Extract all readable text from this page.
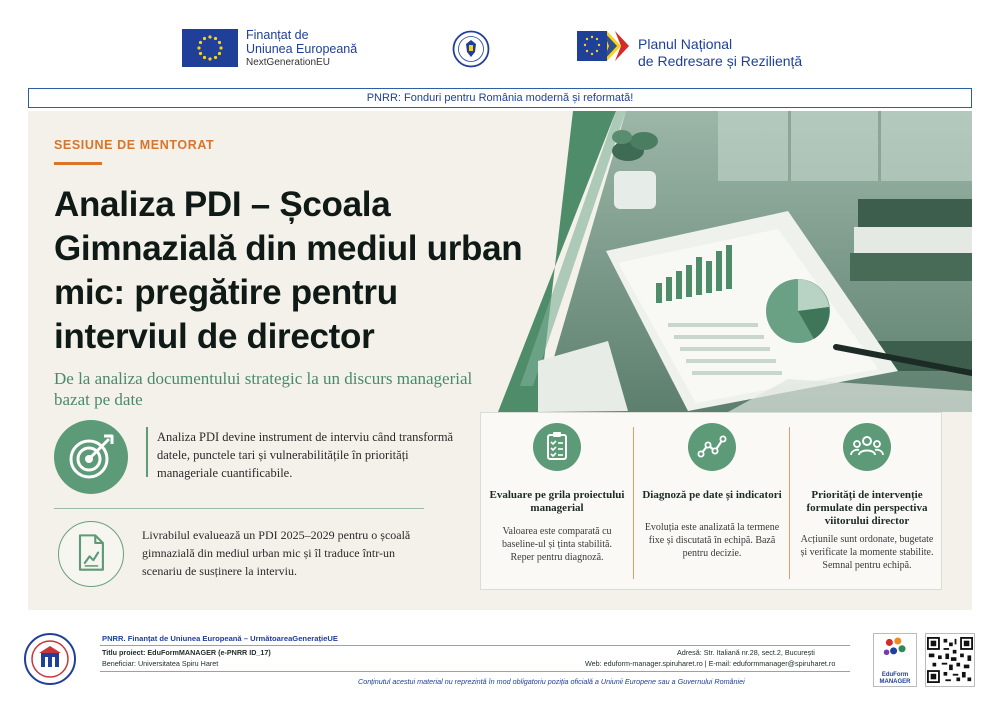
Finanțat de
Uniunea Europeană
NextGenerationEU
Planul Național
de Redresare și Reziliență
PNRR: Fonduri pentru România modernă și reformată!
SESIUNE DE MENTORAT
Analiza PDI – Școala Gimnazială din mediul urban mic: pregătire pentru interviul de director
De la analiza documentului strategic la un discurs managerial bazat pe date
Analiza PDI devine instrument de interviu când transformă datele, punctele tari și vulnerabilitățile în priorități manageriale cuantificabile.
Livrabilul evaluează un PDI 2025–2029 pentru o școală gimnazială din mediul urban mic și îl traduce într-un scenariu de susținere la interviu.
Evaluare pe grila proiectului managerial
Valoarea este comparată cu baseline-ul și ținta stabilită. Reper pentru diagnoză.
Diagnoză pe date și indicatori
Evoluția este analizată la termene fixe și discutată în echipă. Bază pentru decizie.
Priorități de intervenție formulate din perspectiva viitorului director
Acțiunile sunt ordonate, bugetate și verificate la momente stabilite. Semnal pentru echipă.
PNRR. Finanțat de Uniunea Europeană – UrmătoareaGenerațieUE
Titlu proiect: EduFormMANAGER (e-PNRR ID_17)
Beneficiar: Universitatea Spiru Haret
Adresă: Str. Italiană nr.28, sect.2, București
Web: eduform-manager.spiruharet.ro | E-mail: eduformmanager@spiruharet.ro
Conținutul acestui material nu reprezintă în mod obligatoriu poziția oficială a Uniunii Europene sau a Guvernului României
EduForm
MANAGER
